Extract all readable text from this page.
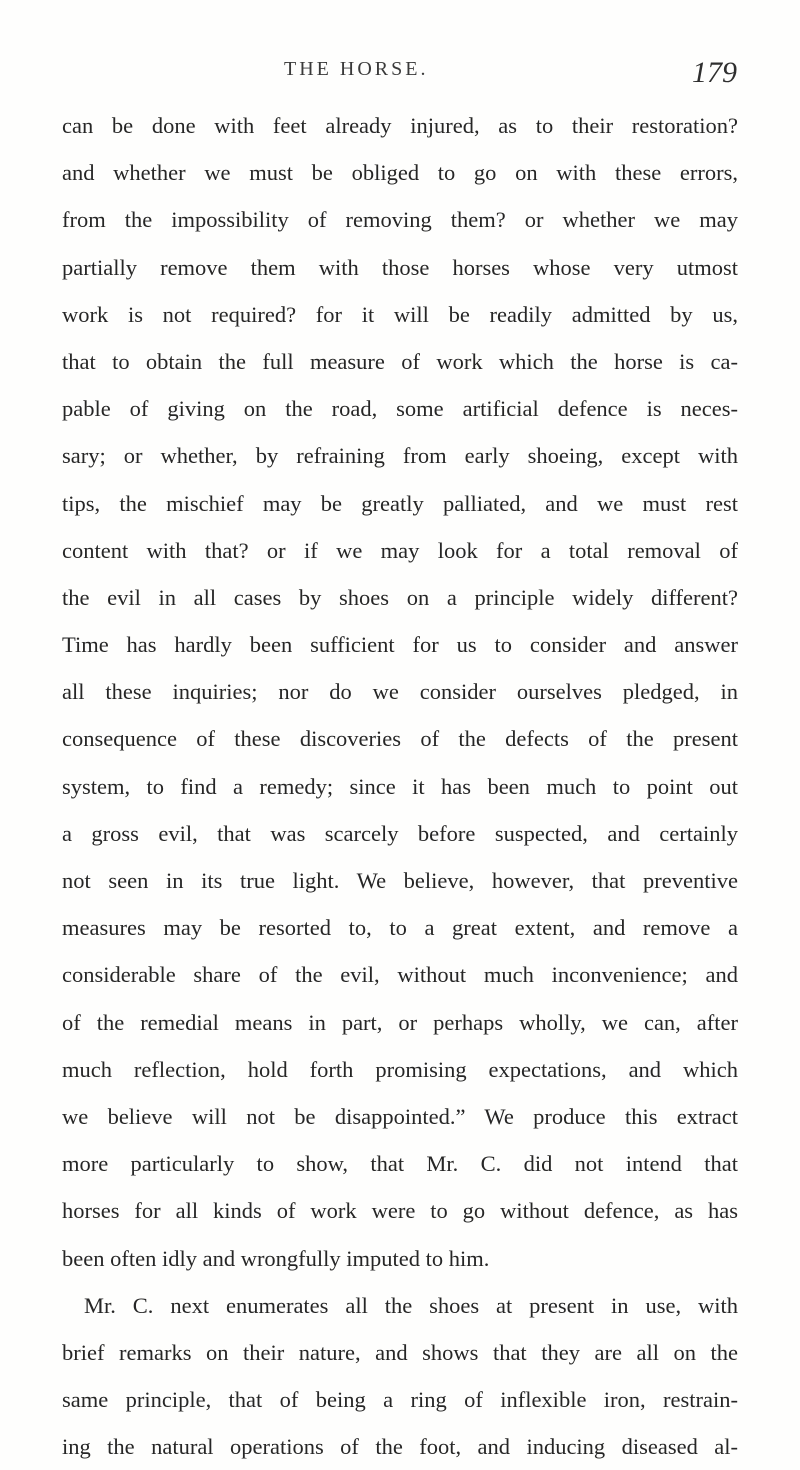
THE HORSE.	179
can be done with feet already injured, as to their restoration?
and whether we must be obliged to go on with these errors,
from the impossibility of removing them? or whether we may
partially remove them with those horses whose very utmost
work is not required? for it will be readily admitted by us,
that to obtain the full measure of work which the horse is ca-
pable of giving on the road, some artificial defence is neces-
sary; or whether, by refraining from early shoeing, except with
tips, the mischief may be greatly palliated, and we must rest
content with that? or if we may look for a total removal of
the evil in all cases by shoes on a principle widely different?
Time has hardly been sufficient for us to consider and answer
all these inquiries; nor do we consider ourselves pledged, in
consequence of these discoveries of the defects of the present
system, to find a remedy; since it has been much to point out
a gross evil, that was scarcely before suspected, and certainly
not seen in its true light. We believe, however, that preventive
measures may be resorted to, to a great extent, and remove a
considerable share of the evil, without much inconvenience; and
of the remedial means in part, or perhaps wholly, we can, after
much reflection, hold forth promising expectations, and which
we believe will not be disappointed.” We produce this extract
more particularly to show, that Mr. C. did not intend that
horses for all kinds of work were to go without defence, as has
been often idly and wrongfully imputed to him.
Mr. C. next enumerates all the shoes at present in use, with
brief remarks on their nature, and shows that they are all on the
same principle, that of being a ring of inflexible iron, restrain-
ing the natural operations of the foot, and inducing diseased al-
